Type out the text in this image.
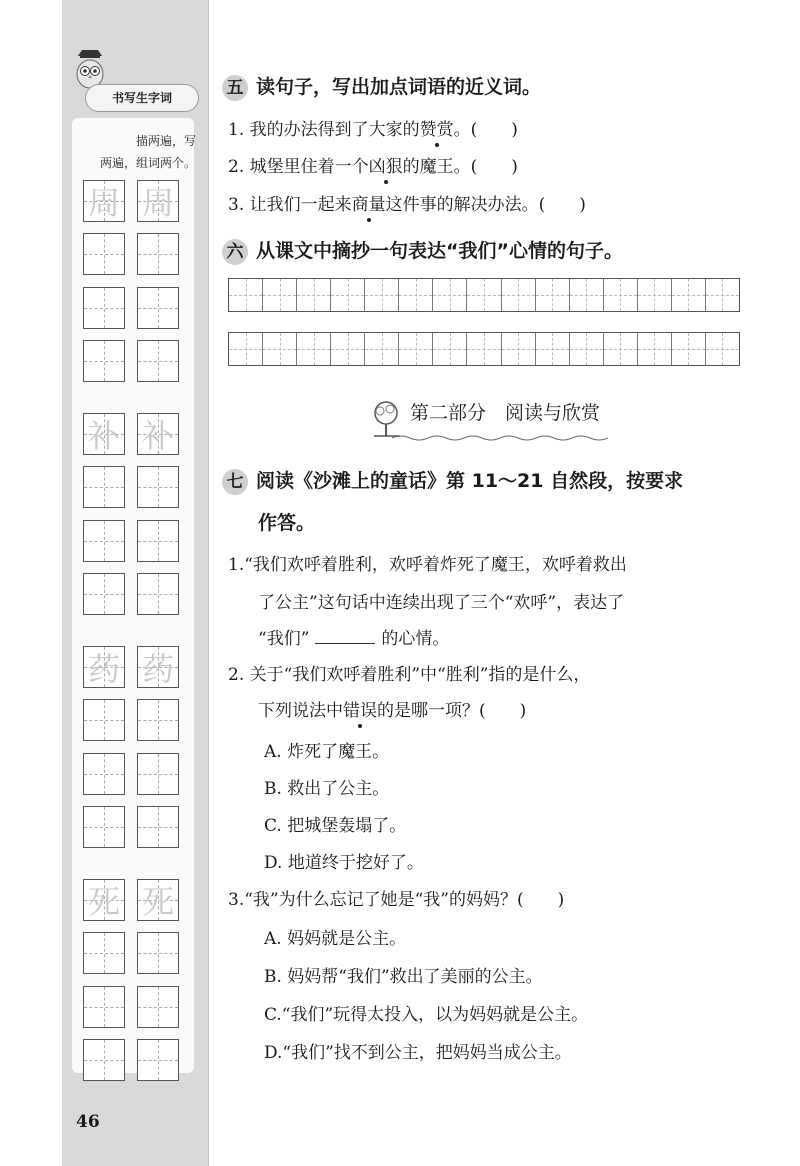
书写生字词
描两遍，写
两遍，组词两个。
周 周
补 补
药 药
死 死
46
五 读句子，写出加点词语的近义词。
1. 我的办法得到了大家的赞赏。(　　)
2. 城堡里住着一个凶狠的魔王。(　　)
3. 让我们一起来商量这件事的解决办法。(　　)
六 从课文中摘抄一句表达“我们”心情的句子。
第二部分　阅读与欣赏
七 阅读《沙滩上的童话》第 11～21 自然段，按要求
作答。
1.“我们欢呼着胜利，欢呼着炸死了魔王，欢呼着救出
了公主”这句话中连续出现了三个“欢呼”，表达了
“我们”	的心情。
2. 关于“我们欢呼着胜利”中“胜利”指的是什么，
下列说法中错误的是哪一项？(　　)
A. 炸死了魔王。
B. 救出了公主。
C. 把城堡轰塌了。
D. 地道终于挖好了。
3.“我”为什么忘记了她是“我”的妈妈？(　　)
A. 妈妈就是公主。
B. 妈妈帮“我们”救出了美丽的公主。
C.“我们”玩得太投入，以为妈妈就是公主。
D.“我们”找不到公主，把妈妈当成公主。
